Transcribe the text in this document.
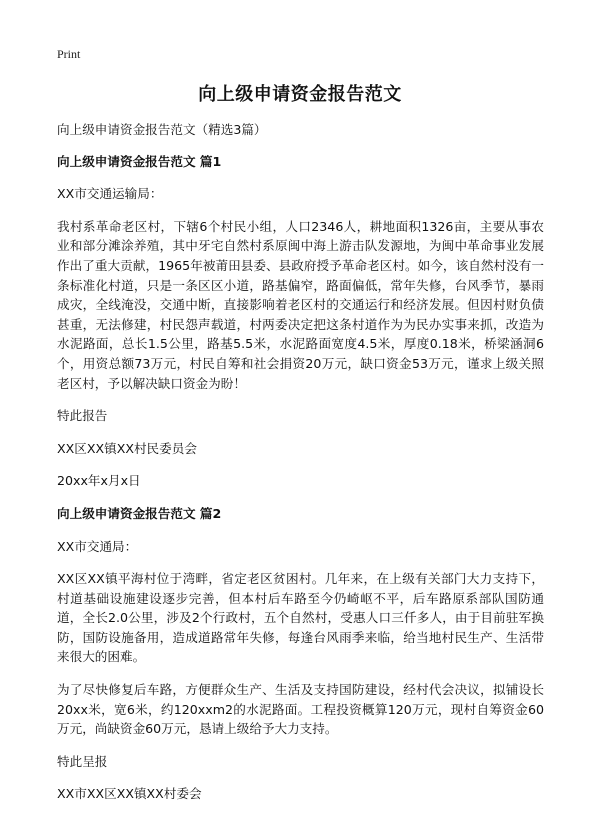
Print
向上级申请资金报告范文

向上级申请资金报告范文（精选3篇）

向上级申请资金报告范文 篇1

XX市交通运输局：

我村系革命老区村，下辖6个村民小组，人口2346人，耕地面积1326亩，主要从事农业和部分滩涂养殖，其中牙宅自然村系原闽中海上游击队发源地，为闽中革命事业发展作出了重大贡献，1965年被莆田县委、县政府授予革命老区村。如今，该自然村没有一条标准化村道，只是一条区区小道，路基偏窄，路面偏低，常年失修，台风季节，暴雨成灾，全线淹没，交通中断，直接影响着老区村的交通运行和经济发展。但因村财负债甚重，无法修建，村民怨声载道，村两委决定把这条村道作为为民办实事来抓，改造为水泥路面，总长1.5公里，路基5.5米，水泥路面宽度4.5米，厚度0.18米，桥梁涵洞6个，用资总额73万元，村民自筹和社会捐资20万元，缺口资金53万元，谨求上级关照老区村，予以解决缺口资金为盼！

特此报告

XX区XX镇XX村民委员会

20xx年x月x日

向上级申请资金报告范文 篇2

XX市交通局：

XX区XX镇平海村位于湾畔，省定老区贫困村。几年来，在上级有关部门大力支持下，村道基础设施建设逐步完善，但本村后车路至今仍崎岖不平，后车路原系部队国防通道，全长2.0公里，涉及2个行政村，五个自然村，受惠人口三仟多人，由于目前驻军换防，国防设施备用，造成道路常年失修，每逢台风雨季来临，给当地村民生产、生活带来很大的困难。

为了尽快修复后车路，方便群众生产、生活及支持国防建设，经村代会决议，拟铺设长20xx米，宽6米，约120xxm2的水泥路面。工程投资概算120万元，现村自筹资金60万元，尚缺资金60万元，恳请上级给予大力支持。

特此呈报

XX市XX区XX镇XX村委会
